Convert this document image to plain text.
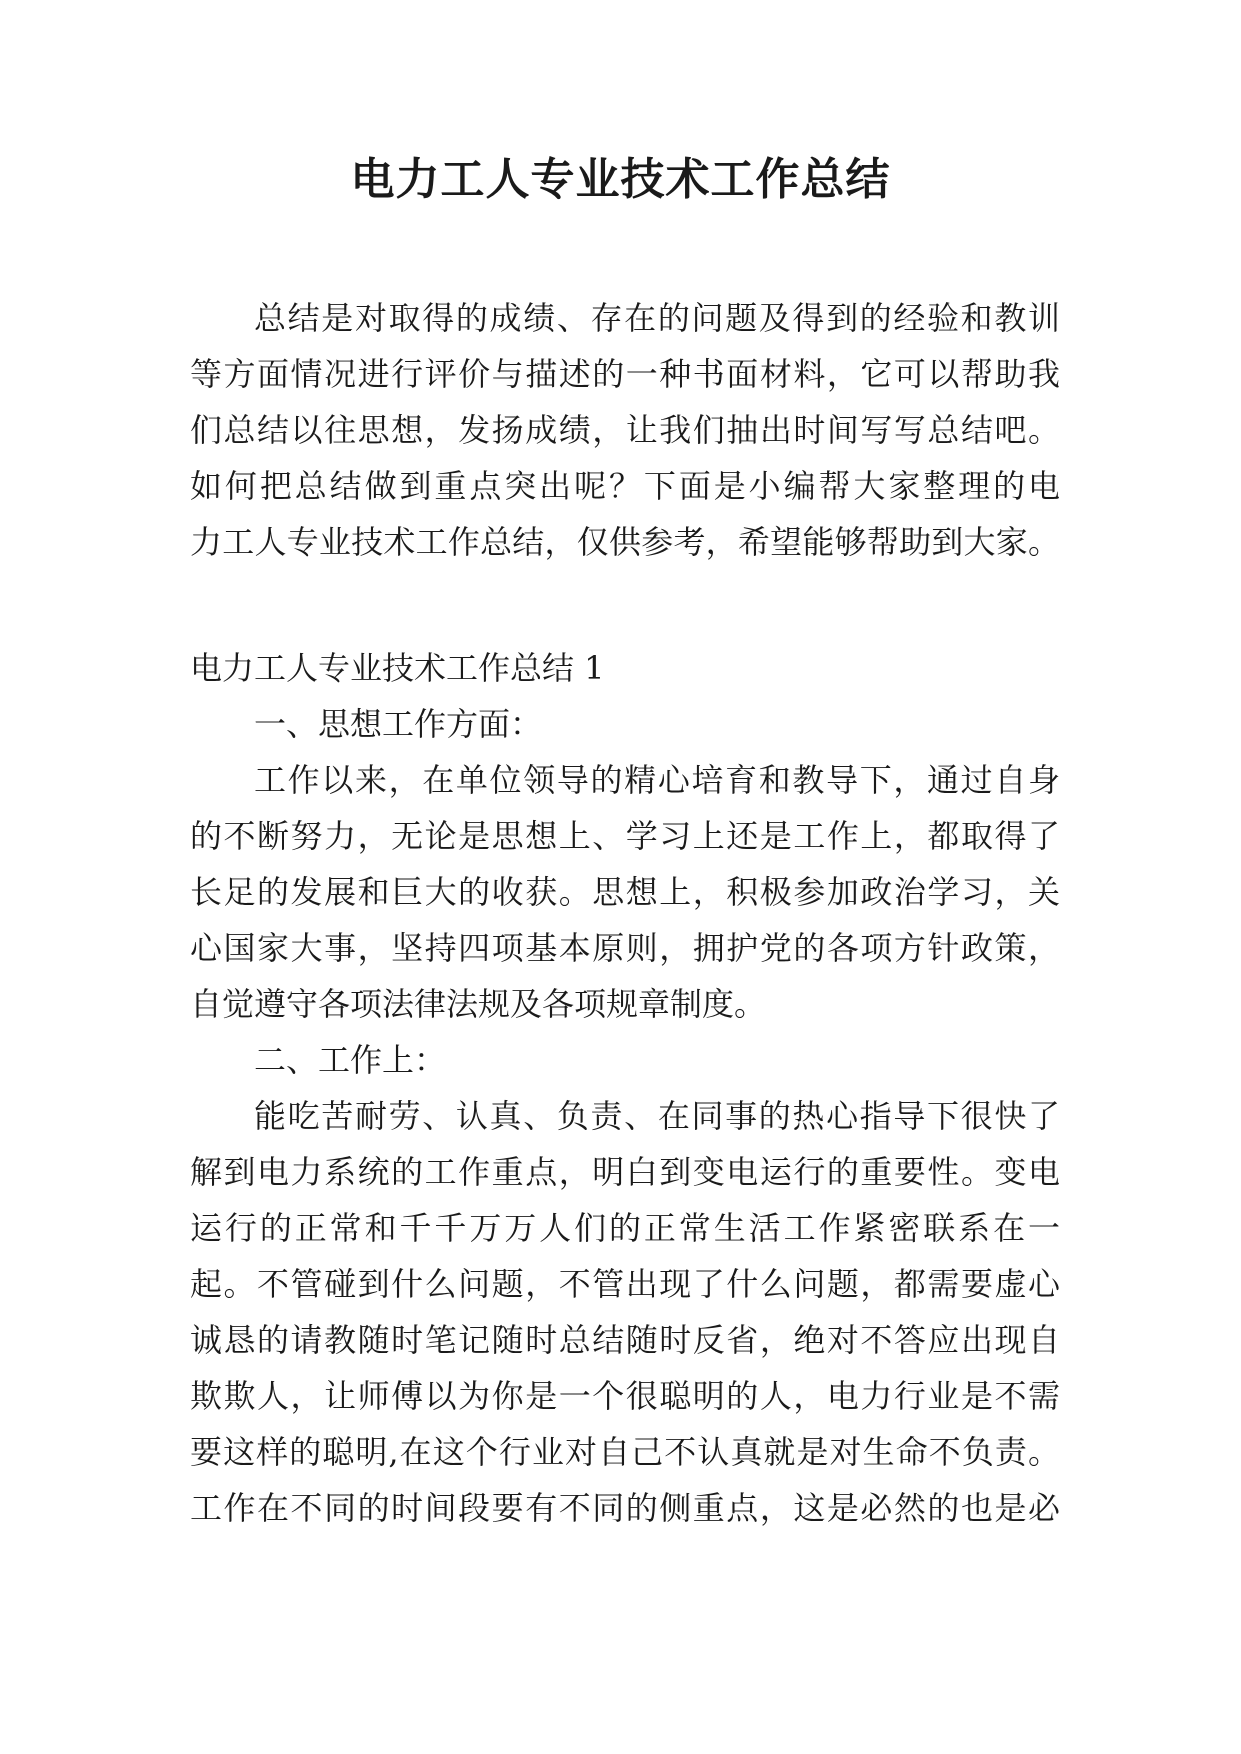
电力工人专业技术工作总结
总结是对取得的成绩、存在的问题及得到的经验和教训
等方面情况进行评价与描述的一种书面材料，它可以帮助我
们总结以往思想，发扬成绩，让我们抽出时间写写总结吧。
如何把总结做到重点突出呢？下面是小编帮大家整理的电
力工人专业技术工作总结，仅供参考，希望能够帮助到大家。
电力工人专业技术工作总结 1
一、思想工作方面：
工作以来，在单位领导的精心培育和教导下，通过自身
的不断努力，无论是思想上、学习上还是工作上，都取得了
长足的发展和巨大的收获。思想上，积极参加政治学习，关
心国家大事，坚持四项基本原则，拥护党的各项方针政策，
自觉遵守各项法律法规及各项规章制度。
二、工作上：
能吃苦耐劳、认真、负责、在同事的热心指导下很快了
解到电力系统的工作重点，明白到变电运行的重要性。变电
运行的正常和千千万万人们的正常生活工作紧密联系在一
起。不管碰到什么问题，不管出现了什么问题，都需要虚心
诚恳的请教随时笔记随时总结随时反省，绝对不答应出现自
欺欺人，让师傅以为你是一个很聪明的人，电力行业是不需
要这样的聪明,在这个行业对自己不认真就是对生命不负责。
工作在不同的时间段要有不同的侧重点，这是必然的也是必
